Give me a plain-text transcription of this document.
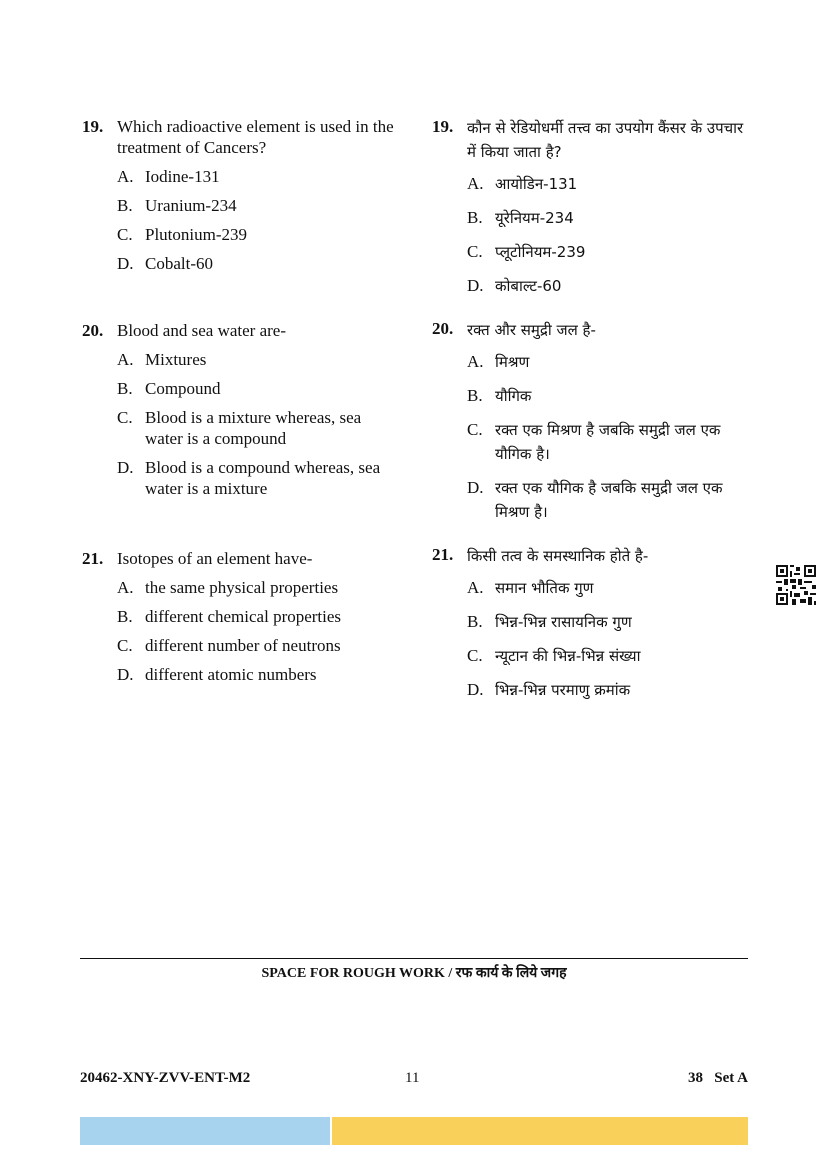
19. Which radioactive element is used in the treatment of Cancers?
A. Iodine-131
B. Uranium-234
C. Plutonium-239
D. Cobalt-60
20. Blood and sea water are-
A. Mixtures
B. Compound
C. Blood is a mixture whereas, sea water is a compound
D. Blood is a compound whereas, sea water is a mixture
21. Isotopes of an element have-
A. the same physical properties
B. different chemical properties
C. different number of neutrons
D. different atomic numbers
19. कौन से रेडियोधर्मी तत्त्व का उपयोग कैंसर के उपचार में किया जाता है?
A. आयोडिन-131
B. यूरेनियम-234
C. प्लूटोनियम-239
D. कोबाल्ट-60
20. रक्त और समुद्री जल है-
A. मिश्रण
B. यौगिक
C. रक्त एक मिश्रण है जबकि समुद्री जल एक यौगिक है।
D. रक्त एक यौगिक है जबकि समुद्री जल एक मिश्रण है।
21. किसी तत्व के समस्थानिक होते है-
A. समान भौतिक गुण
B. भिन्न-भिन्न रासायनिक गुण
C. न्यूटान की भिन्न-भिन्न संख्या
D. भिन्न-भिन्न परमाणु क्रमांक
SPACE FOR ROUGH WORK / रफ कार्य के लिये जगह
20462-XNY-ZVV-ENT-M2	11	38   Set A
